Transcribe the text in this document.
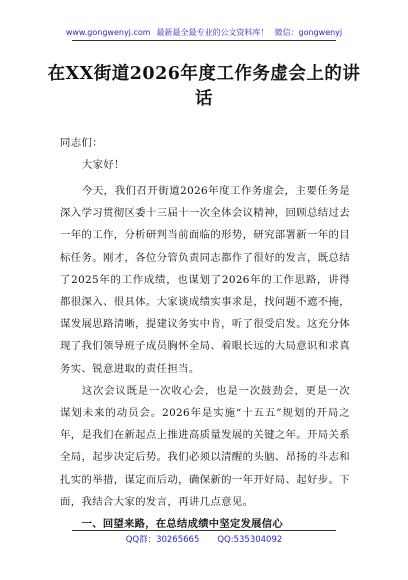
www.gongwenyj.com 最新最全最专业的公文资料库！ 微信：gongwenyj
在XX街道2026年度工作务虚会上的讲话

同志们：

大家好！

今天，我们召开街道2026年度工作务虚会，主要任务是深入学习贯彻区委十三届十一次全体会议精神，回顾总结过去一年的工作，分析研判当前面临的形势，研究部署新一年的目标任务。刚才，各位分管负责同志都作了很好的发言，既总结了2025年的工作成绩，也谋划了2026年的工作思路，讲得都很深入、很具体。大家谈成绩实事求是，找问题不遮不掩，谋发展思路清晰，提建议务实中肯，听了很受启发。这充分体现了我们领导班子成员胸怀全局、着眼长远的大局意识和求真务实、锐意进取的责任担当。

这次会议既是一次收心会，也是一次鼓劲会，更是一次谋划未来的动员会。2026年是实施“十五五”规划的开局之年，是我们在新起点上推进高质量发展的关键之年。开局关系全局，起步决定后势。我们必须以清醒的头脑、昂扬的斗志和扎实的举措，谋定而后动，确保新的一年开好局、起好步。下面，我结合大家的发言，再讲几点意见。

一、回望来路，在总结成绩中坚定发展信心

QQ群：30265665 QQ:535304092
